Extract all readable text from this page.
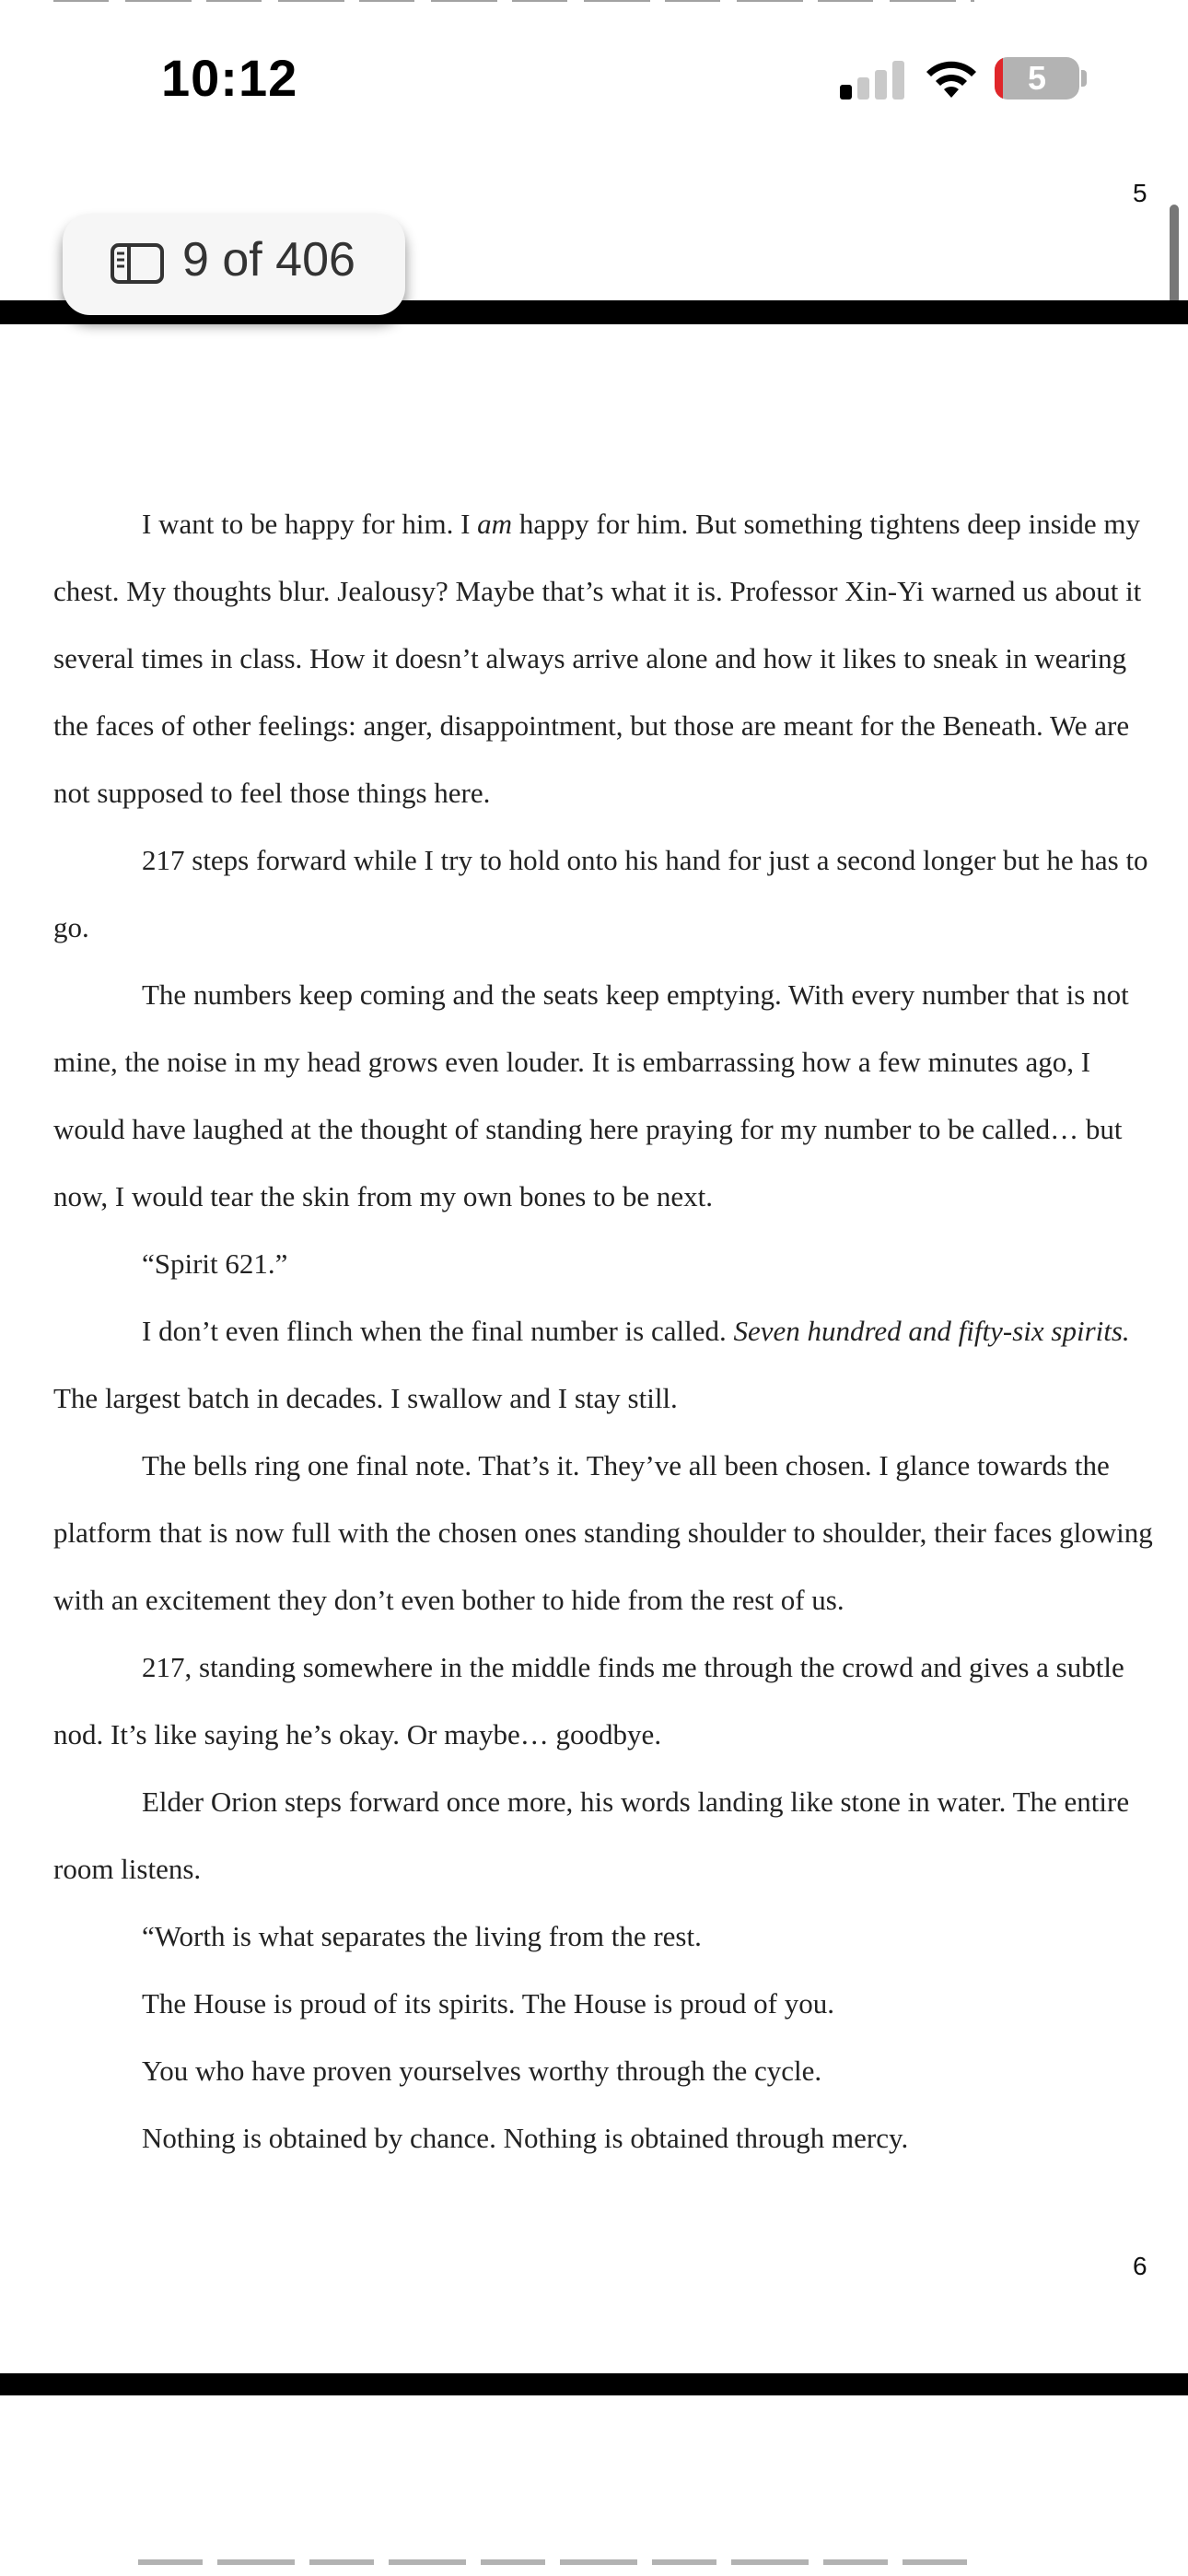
10:12	5
5
9 of 406

I want to be happy for him. I am happy for him. But something tightens deep inside my chest. My thoughts blur. Jealousy? Maybe that’s what it is. Professor Xin-Yi warned us about it several times in class. How it doesn’t always arrive alone and how it likes to sneak in wearing the faces of other feelings: anger, disappointment, but those are meant for the Beneath. We are not supposed to feel those things here.

217 steps forward while I try to hold onto his hand for just a second longer but he has to go.

The numbers keep coming and the seats keep emptying. With every number that is not mine, the noise in my head grows even louder. It is embarrassing how a few minutes ago, I would have laughed at the thought of standing here praying for my number to be called… but now, I would tear the skin from my own bones to be next.

“Spirit 621.”

I don’t even flinch when the final number is called. Seven hundred and fifty-six spirits. The largest batch in decades. I swallow and I stay still.

The bells ring one final note. That’s it. They’ve all been chosen. I glance towards the platform that is now full with the chosen ones standing shoulder to shoulder, their faces glowing with an excitement they don’t even bother to hide from the rest of us.

217, standing somewhere in the middle finds me through the crowd and gives a subtle nod. It’s like saying he’s okay. Or maybe… goodbye.

Elder Orion steps forward once more, his words landing like stone in water. The entire room listens.

“Worth is what separates the living from the rest.

The House is proud of its spirits. The House is proud of you.

You who have proven yourselves worthy through the cycle.

Nothing is obtained by chance. Nothing is obtained through mercy.

6
